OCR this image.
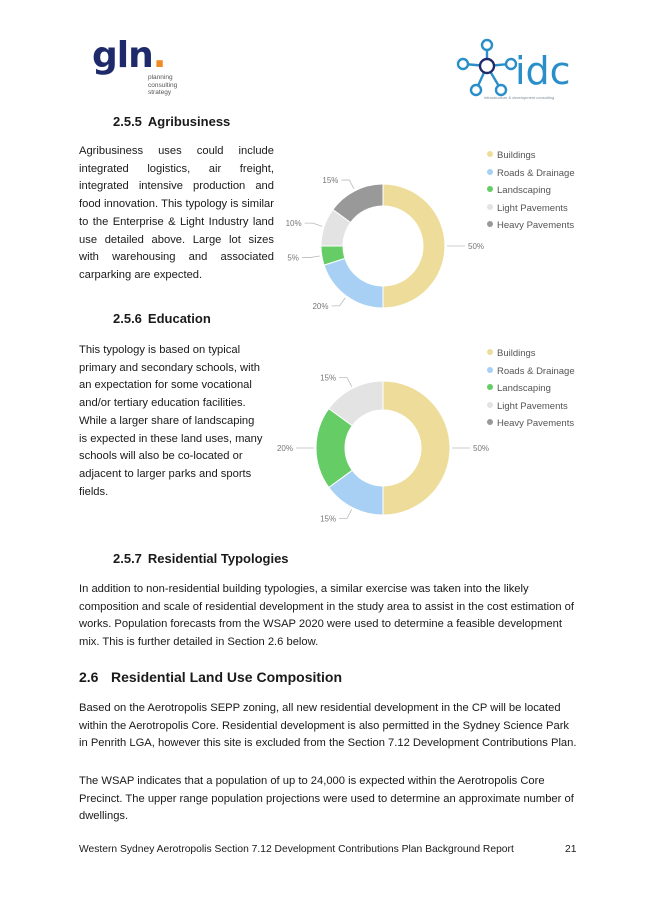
gln.
planning
consulting
strategy	idc
infrastructure & development consulting
2.5.5 Agribusiness

Agribusiness uses could include integrated logistics, air freight, integrated intensive production and food innovation. This typology is similar to the Enterprise & Light Industry land use detailed above. Large lot sizes with warehousing and associated carparking are expected.

50%
20%
5%
10%
15%
Buildings
Roads & Drainage
Landscaping
Light Pavements
Heavy Pavements
2.5.6 Education

This typology is based on typical primary and secondary schools, with an expectation for some vocational and/or tertiary education facilities. While a larger share of landscaping is expected in these land uses, many schools will also be co-located or adjacent to larger parks and sports fields.

50%
15%
20%
15%
Buildings
Roads & Drainage
Landscaping
Light Pavements
Heavy Pavements
2.5.7 Residential Typologies

In addition to non-residential building typologies, a similar exercise was taken into the likely composition and scale of residential development in the study area to assist in the cost estimation of works. Population forecasts from the WSAP 2020 were used to determine a feasible development mix. This is further detailed in Section 2.6 below.

2.6 Residential Land Use Composition

Based on the Aerotropolis SEPP zoning, all new residential development in the CP will be located within the Aerotropolis Core. Residential development is also permitted in the Sydney Science Park in Penrith LGA, however this site is excluded from the Section 7.12 Development Contributions Plan.

The WSAP indicates that a population of up to 24,000 is expected within the Aerotropolis Core Precinct. The upper range population projections were used to determine an approximate number of dwellings.

Western Sydney Aerotropolis Section 7.12 Development Contributions Plan Background Report	21
